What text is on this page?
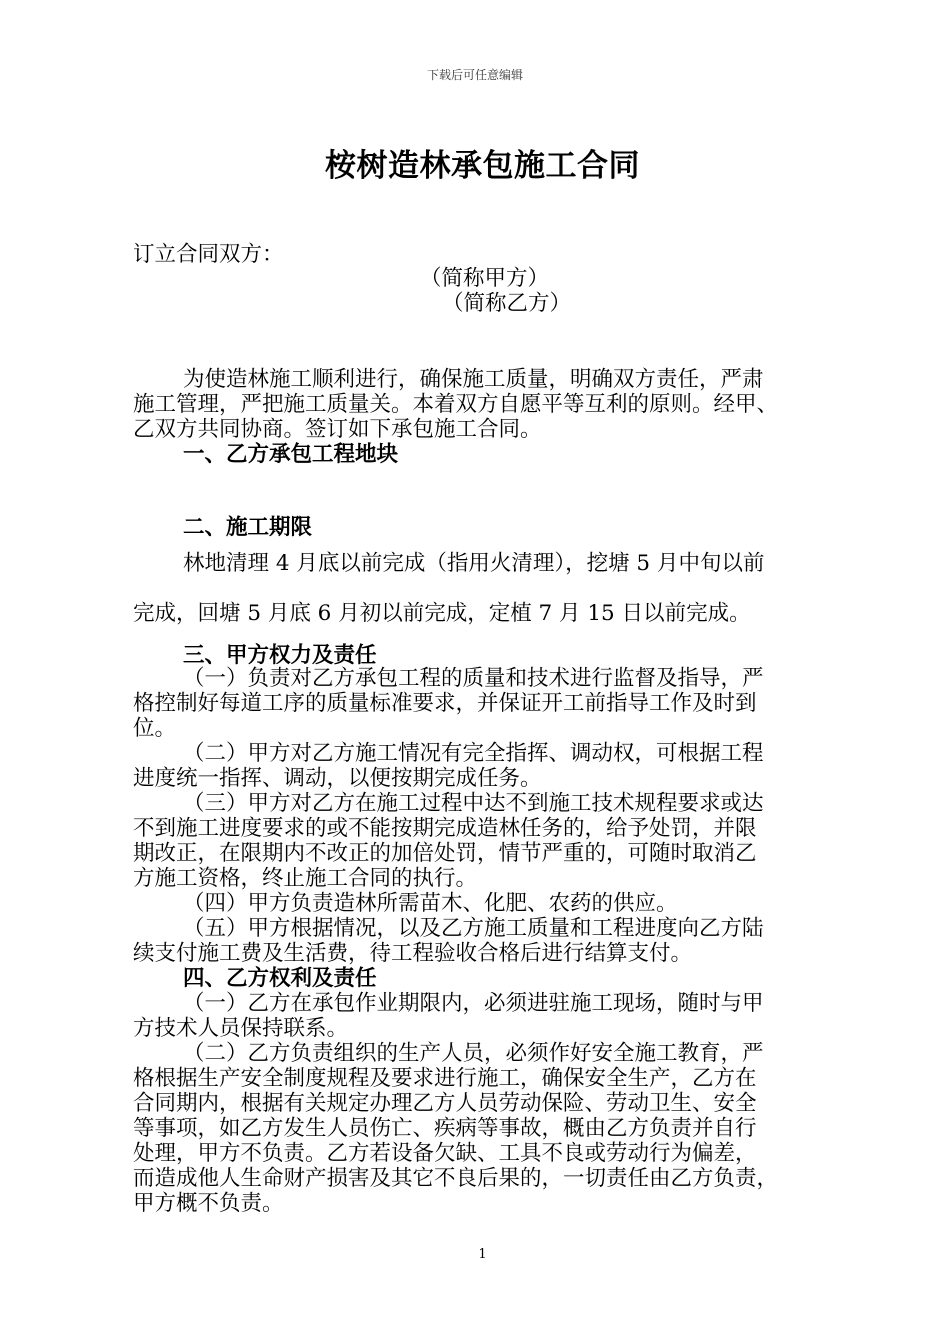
下载后可任意编辑
桉树造林承包施工合同
订立合同双方：
（简称甲方）
（简称乙方）
为使造林施工顺利进行，确保施工质量，明确双方责任，严肃
施工管理，严把施工质量关。本着双方自愿平等互利的原则。经甲、
乙双方共同协商。签订如下承包施工合同。
一、乙方承包工程地块
二、施工期限
林地清理 4 月底以前完成（指用火清理），挖塘 5 月中旬以前
完成，回塘 5 月底 6 月初以前完成，定植 7 月 15 日以前完成。
三、甲方权力及责任
（一）负责对乙方承包工程的质量和技术进行监督及指导，严
格控制好每道工序的质量标准要求，并保证开工前指导工作及时到
位。
（二）甲方对乙方施工情况有完全指挥、调动权，可根据工程
进度统一指挥、调动，以便按期完成任务。
（三）甲方对乙方在施工过程中达不到施工技术规程要求或达
不到施工进度要求的或不能按期完成造林任务的，给予处罚，并限
期改正，在限期内不改正的加倍处罚，情节严重的，可随时取消乙
方施工资格，终止施工合同的执行。
（四）甲方负责造林所需苗木、化肥、农药的供应。
（五）甲方根据情况，以及乙方施工质量和工程进度向乙方陆
续支付施工费及生活费，待工程验收合格后进行结算支付。
四、乙方权利及责任
（一）乙方在承包作业期限内，必须进驻施工现场，随时与甲
方技术人员保持联系。
（二）乙方负责组织的生产人员，必须作好安全施工教育，严
格根据生产安全制度规程及要求进行施工，确保安全生产，乙方在
合同期内，根据有关规定办理乙方人员劳动保险、劳动卫生、安全
等事项，如乙方发生人员伤亡、疾病等事故，概由乙方负责并自行
处理，甲方不负责。乙方若设备欠缺、工具不良或劳动行为偏差，
而造成他人生命财产损害及其它不良后果的，一切责任由乙方负责，
甲方概不负责。
1
